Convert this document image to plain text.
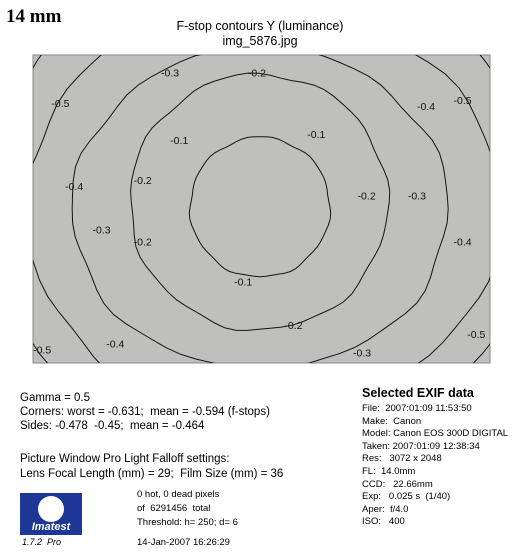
14 mm	F-stop contours Y (luminance)
img_5876.jpg
-0.1
-0.1
-0.1
-0.2
-0.2
-0.2
-0.2
-0.2
-0.3
-0.3
-0.3
-0.3
-0.4
-0.4
-0.4
-0.4
-0.5
-0.5
-0.5
-0.5
Gamma = 0.5
Corners: worst = -0.631;  mean = -0.594 (f-stops)
Sides: -0.478  -0.45;  mean = -0.464
Picture Window Pro Light Falloff settings:
Lens Focal Length (mm) = 29;  Film Size (mm) = 36
Imatest
1.7.2  Pro
0 hot, 0 dead pixels
of  6291456  total
Threshold: h= 250; d= 6
14-Jan-2007 16:26:29
Selected EXIF data
File:  2007:01:09 11:53:50
Make:  Canon
Model: Canon EOS 300D DIGITAL
Taken: 2007:01:09 12:38:34
Res:   3072 x 2048
FL:  14.0mm
CCD:   22.66mm
Exp:   0.025 s  (1/40)
Aper:  f/4.0
ISO:   400
